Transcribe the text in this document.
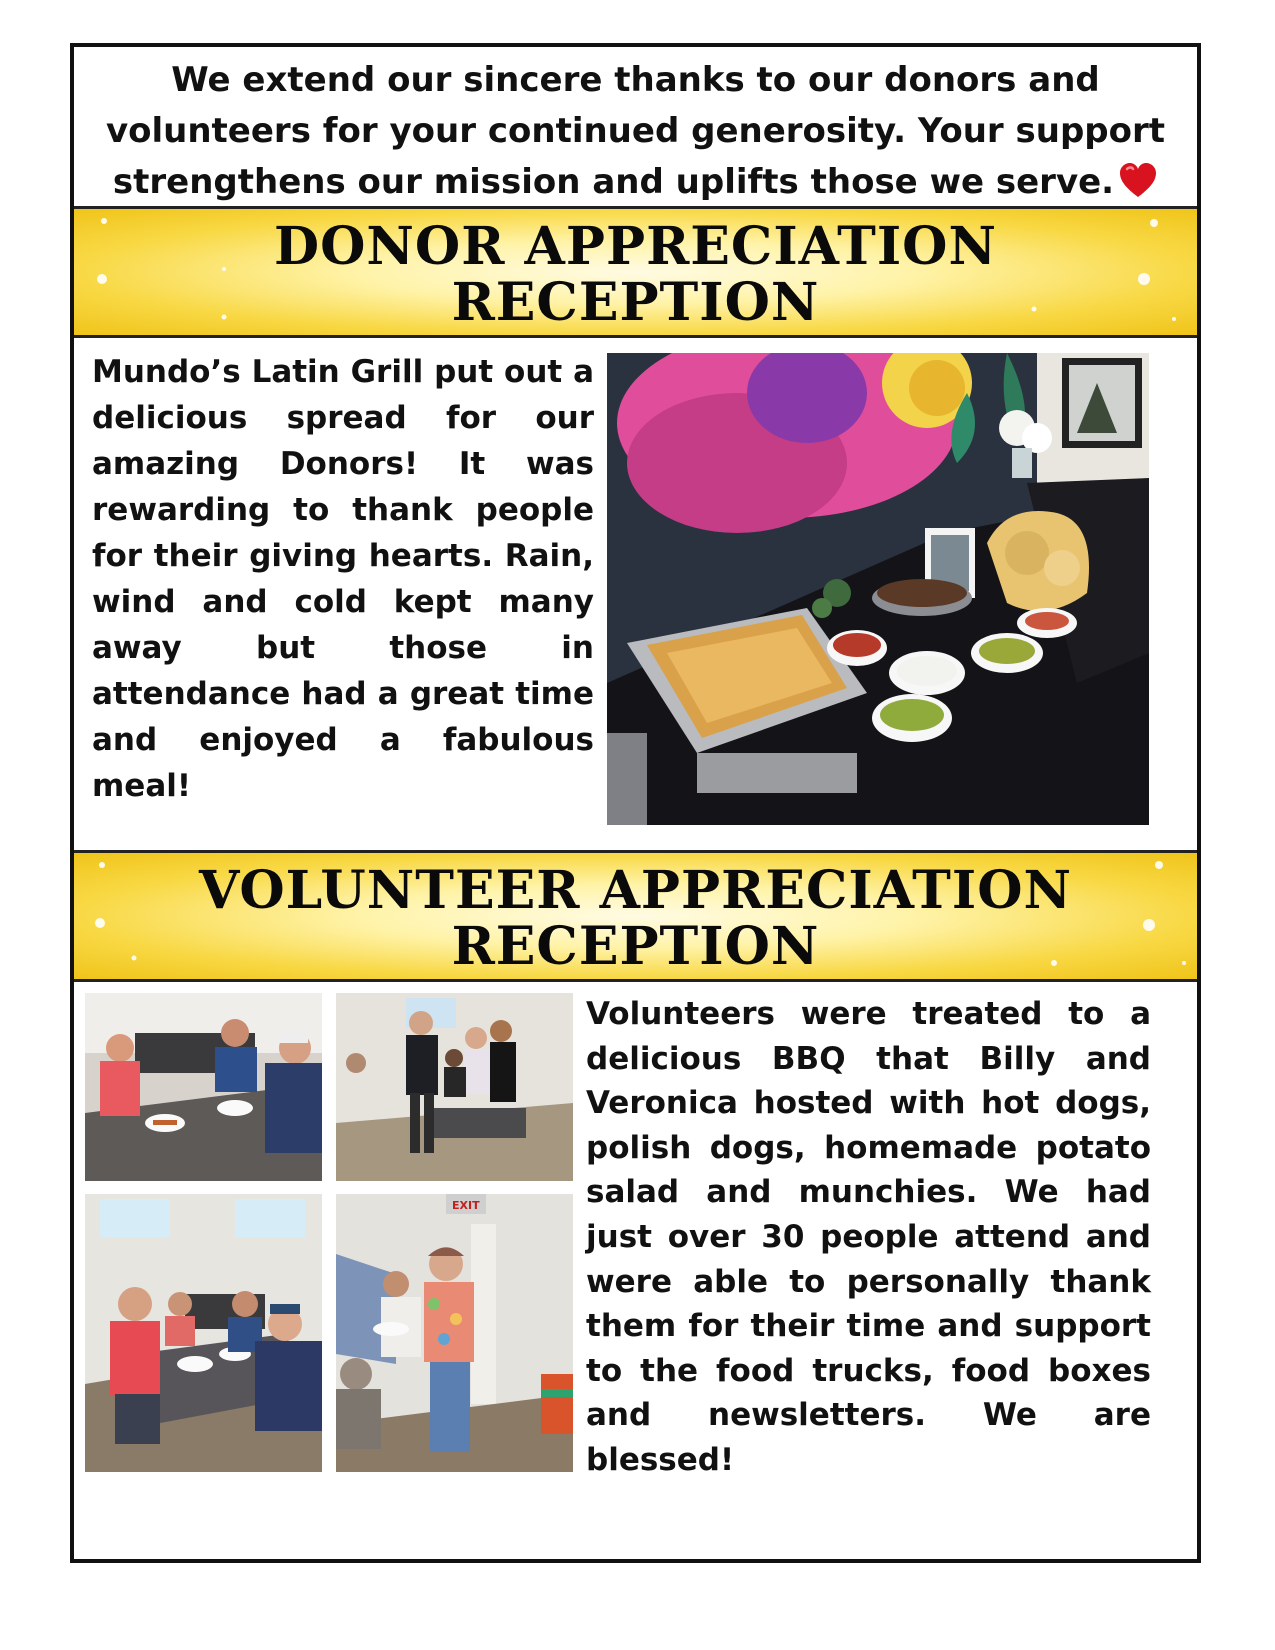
We extend our sincere thanks to our donors and volunteers for your continued generosity. Your support strengthens our mission and uplifts those we serve.
DONOR APPRECIATION
RECEPTION
Mundo’s Latin Grill put out a delicious spread for our amazing Donors! It was rewarding to thank people for their giving hearts. Rain, wind and cold kept many away but those in attendance had a great time and enjoyed a fabulous meal!
VOLUNTEER APPRECIATION
RECEPTION
EXIT
Volunteers were treated to a delicious BBQ that Billy and Veronica hosted with hot dogs, polish dogs, homemade potato salad and munchies. We had just over 30 people attend and were able to personally thank them for their time and support to the food trucks, food boxes and newsletters. We are blessed!
